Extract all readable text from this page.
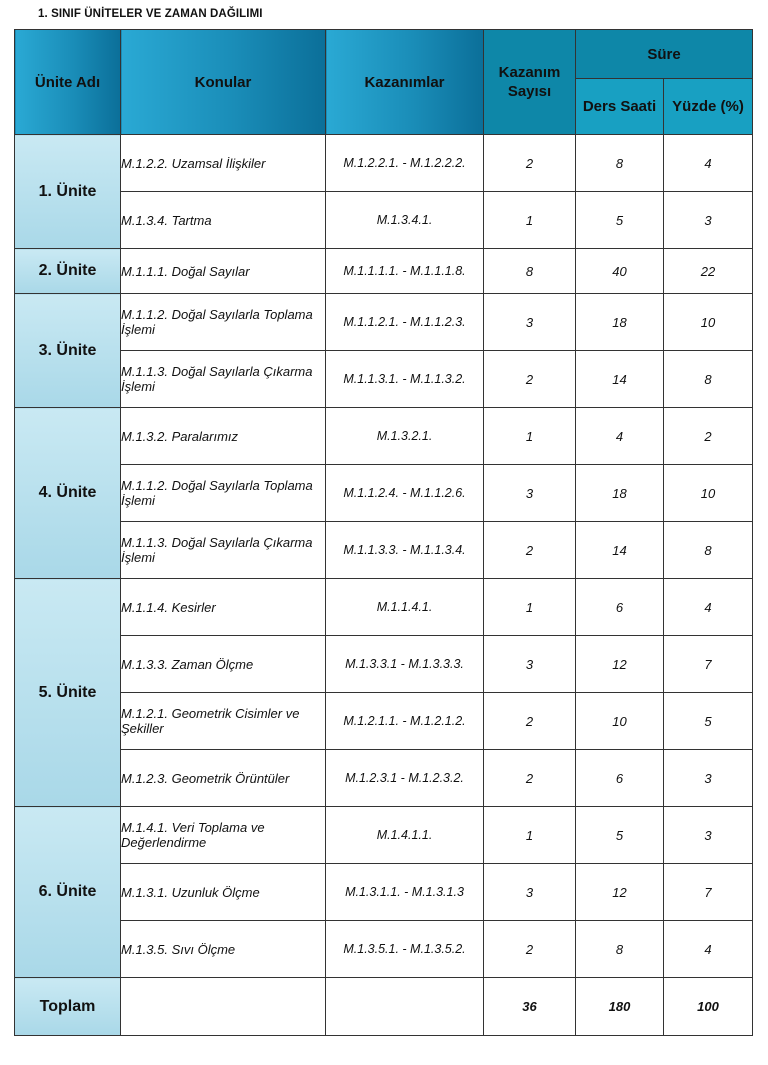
1. SINIF ÜNİTELER VE ZAMAN DAĞILIMI
Ünite Adı	Konular	Kazanımlar	Kazanım Sayısı	Süre	
				Ders Saati	Yüzde (%)
1. Ünite	M.1.2.2. Uzamsal İlişkiler	M.1.2.2.1. - M.1.2.2.2.	2	8	4
	M.1.3.4. Tartma	M.1.3.4.1.	1	5	3
2. Ünite	M.1.1.1. Doğal Sayılar	M.1.1.1.1. - M.1.1.1.8.	8	40	22
3. Ünite	M.1.1.2. Doğal Sayılarla Toplama İşlemi	M.1.1.2.1. - M.1.1.2.3.	3	18	10
	M.1.1.3. Doğal Sayılarla Çıkarma İşlemi	M.1.1.3.1. - M.1.1.3.2.	2	14	8
4. Ünite	M.1.3.2. Paralarımız	M.1.3.2.1.	1	4	2
	M.1.1.2. Doğal Sayılarla Toplama İşlemi	M.1.1.2.4. - M.1.1.2.6.	3	18	10
	M.1.1.3. Doğal Sayılarla Çıkarma İşlemi	M.1.1.3.3. - M.1.1.3.4.	2	14	8
5. Ünite	M.1.1.4. Kesirler	M.1.1.4.1.	1	6	4
	M.1.3.3. Zaman Ölçme	M.1.3.3.1 - M.1.3.3.3.	3	12	7
	M.1.2.1. Geometrik Cisimler ve Şekiller	M.1.2.1.1. - M.1.2.1.2.	2	10	5
	M.1.2.3. Geometrik Örüntüler	M.1.2.3.1 - M.1.2.3.2.	2	6	3
6. Ünite	M.1.4.1. Veri Toplama ve Değerlendirme	M.1.4.1.1.	1	5	3
	M.1.3.1. Uzunluk Ölçme	M.1.3.1.1. - M.1.3.1.3	3	12	7
	M.1.3.5. Sıvı Ölçme	M.1.3.5.1. - M.1.3.5.2.	2	8	4
Toplam			36	180	100
